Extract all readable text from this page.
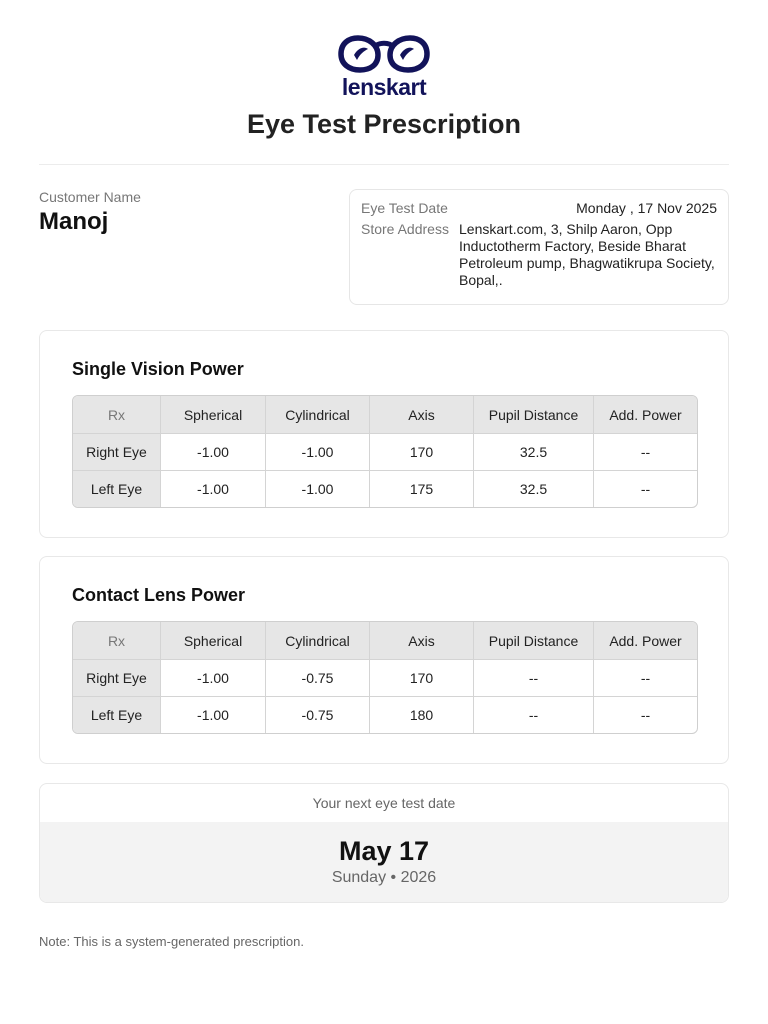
lenskart
Eye Test Prescription
Customer Name
Manoj	Eye Test Date	Monday , 17 Nov 2025
Store Address Lenskart.com, 3, Shilp Aaron, Opp Inductotherm Factory, Beside Bharat Petroleum pump, Bhagwatikrupa Society, Bopal,.
Single Vision Power
Rx	Spherical	Cylindrical	Axis	Pupil Distance	Add. Power
Right Eye	-1.00	-1.00	170	32.5	--
Left Eye	-1.00	-1.00	175	32.5	--
Contact Lens Power
Rx	Spherical	Cylindrical	Axis	Pupil Distance	Add. Power
Right Eye	-1.00	-0.75	170	--	--
Left Eye	-1.00	-0.75	180	--	--
Your next eye test date
May 17
Sunday • 2026
Note: This is a system-generated prescription.
